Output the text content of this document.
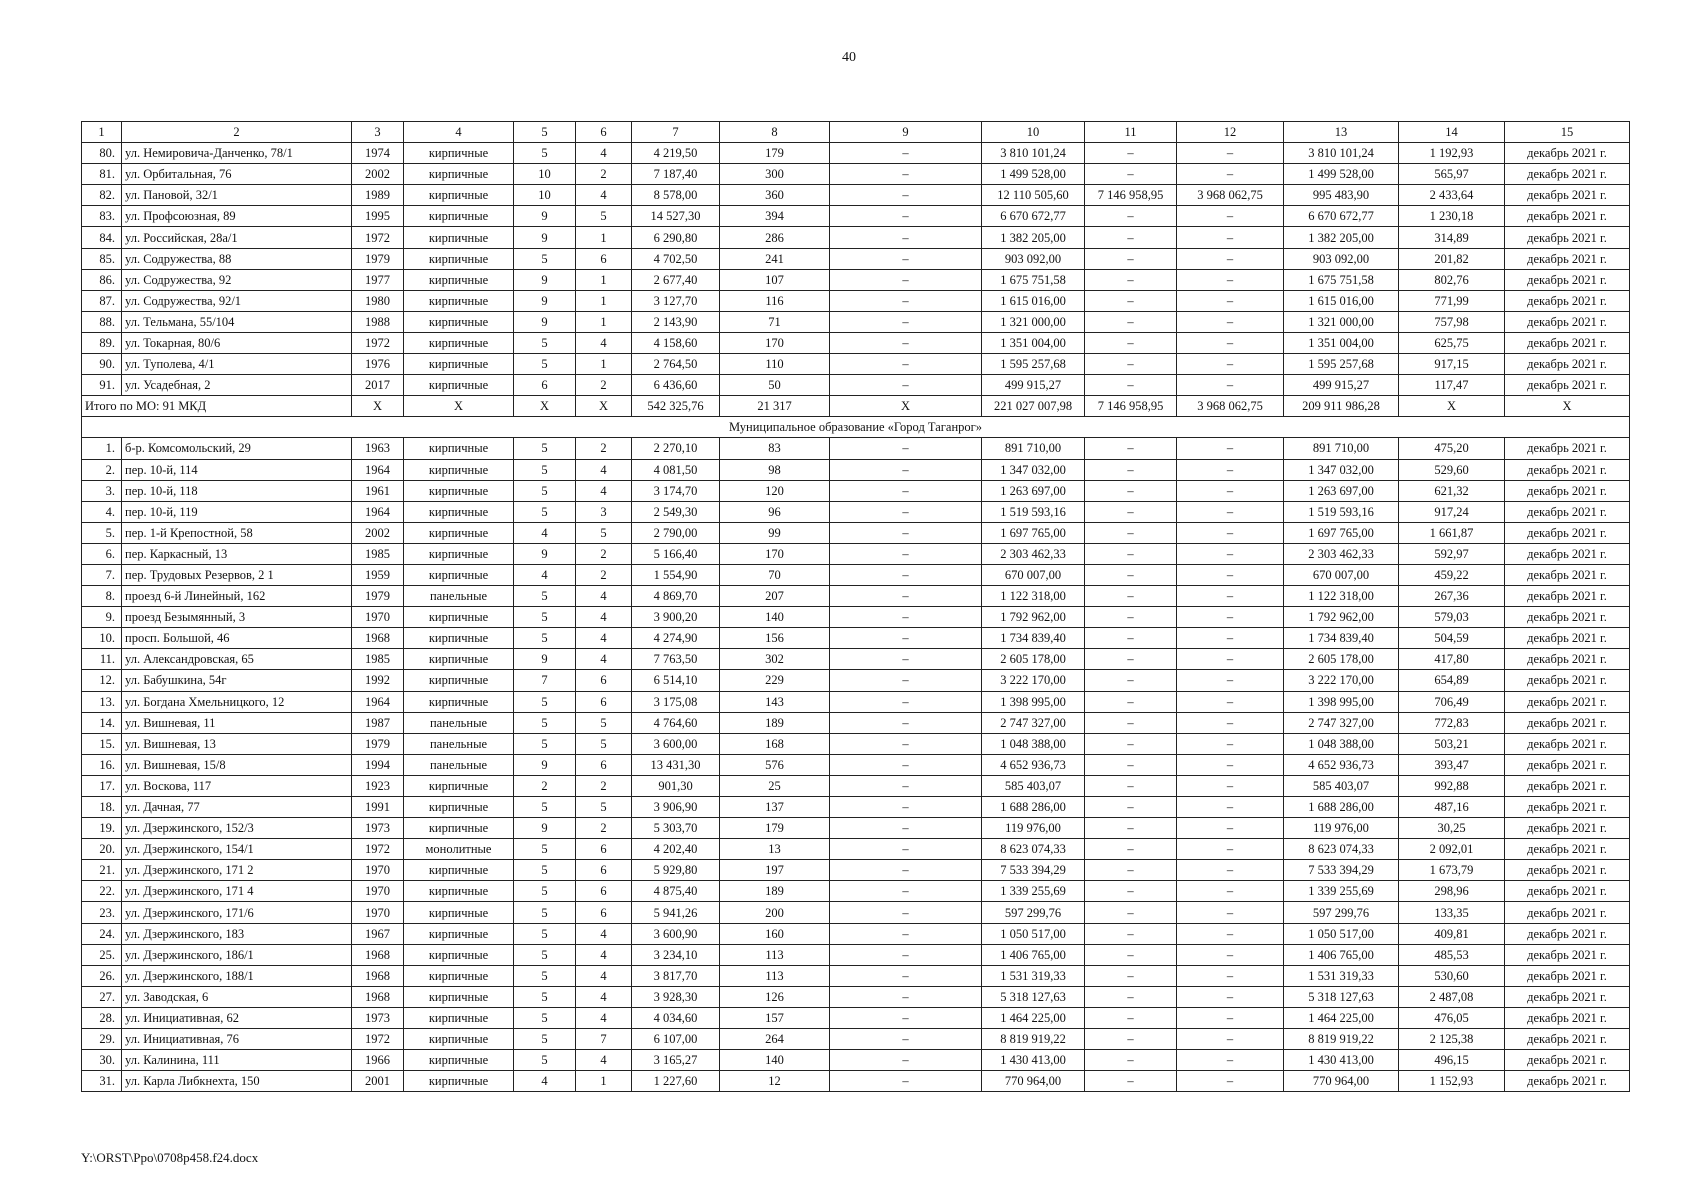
40
1	2	3	4	5	6	7	8	9	10	11	12	13	14	15
80.	ул. Немировича-Данченко, 78/1	1974	кирпичные	5	4	4 219,50	179	–	3 810 101,24	–	–	3 810 101,24	1 192,93	декабрь 2021 г.
81.	ул. Орбитальная, 76	2002	кирпичные	10	2	7 187,40	300	–	1 499 528,00	–	–	1 499 528,00	565,97	декабрь 2021 г.
82.	ул. Пановой, 32/1	1989	кирпичные	10	4	8 578,00	360	–	12 110 505,60	7 146 958,95	3 968 062,75	995 483,90	2 433,64	декабрь 2021 г.
83.	ул. Профсоюзная, 89	1995	кирпичные	9	5	14 527,30	394	–	6 670 672,77	–	–	6 670 672,77	1 230,18	декабрь 2021 г.
84.	ул. Российская, 28а/1	1972	кирпичные	9	1	6 290,80	286	–	1 382 205,00	–	–	1 382 205,00	314,89	декабрь 2021 г.
85.	ул. Содружества, 88	1979	кирпичные	5	6	4 702,50	241	–	903 092,00	–	–	903 092,00	201,82	декабрь 2021 г.
86.	ул. Содружества, 92	1977	кирпичные	9	1	2 677,40	107	–	1 675 751,58	–	–	1 675 751,58	802,76	декабрь 2021 г.
87.	ул. Содружества, 92/1	1980	кирпичные	9	1	3 127,70	116	–	1 615 016,00	–	–	1 615 016,00	771,99	декабрь 2021 г.
88.	ул. Тельмана, 55/104	1988	кирпичные	9	1	2 143,90	71	–	1 321 000,00	–	–	1 321 000,00	757,98	декабрь 2021 г.
89.	ул. Токарная, 80/6	1972	кирпичные	5	4	4 158,60	170	–	1 351 004,00	–	–	1 351 004,00	625,75	декабрь 2021 г.
90.	ул. Туполева, 4/1	1976	кирпичные	5	1	2 764,50	110	–	1 595 257,68	–	–	1 595 257,68	917,15	декабрь 2021 г.
91.	ул. Усадебная, 2	2017	кирпичные	6	2	6 436,60	50	–	499 915,27	–	–	499 915,27	117,47	декабрь 2021 г.
Итого по МО: 91 МКД		X	X	X	X	542 325,76	21 317	X	221 027 007,98	7 146 958,95	3 968 062,75	209 911 986,28	X	X
Муниципальное образование «Город Таганрог»														
1.	б-р. Комсомольский, 29	1963	кирпичные	5	2	2 270,10	83	–	891 710,00	–	–	891 710,00	475,20	декабрь 2021 г.
2.	пер. 10-й, 114	1964	кирпичные	5	4	4 081,50	98	–	1 347 032,00	–	–	1 347 032,00	529,60	декабрь 2021 г.
3.	пер. 10-й, 118	1961	кирпичные	5	4	3 174,70	120	–	1 263 697,00	–	–	1 263 697,00	621,32	декабрь 2021 г.
4.	пер. 10-й, 119	1964	кирпичные	5	3	2 549,30	96	–	1 519 593,16	–	–	1 519 593,16	917,24	декабрь 2021 г.
5.	пер. 1-й Крепостной, 58	2002	кирпичные	4	5	2 790,00	99	–	1 697 765,00	–	–	1 697 765,00	1 661,87	декабрь 2021 г.
6.	пер. Каркасный, 13	1985	кирпичные	9	2	5 166,40	170	–	2 303 462,33	–	–	2 303 462,33	592,97	декабрь 2021 г.
7.	пер. Трудовых Резервов, 2 1	1959	кирпичные	4	2	1 554,90	70	–	670 007,00	–	–	670 007,00	459,22	декабрь 2021 г.
8.	проезд 6-й Линейный, 162	1979	панельные	5	4	4 869,70	207	–	1 122 318,00	–	–	1 122 318,00	267,36	декабрь 2021 г.
9.	проезд Безымянный, 3	1970	кирпичные	5	4	3 900,20	140	–	1 792 962,00	–	–	1 792 962,00	579,03	декабрь 2021 г.
10.	просп. Большой, 46	1968	кирпичные	5	4	4 274,90	156	–	1 734 839,40	–	–	1 734 839,40	504,59	декабрь 2021 г.
11.	ул. Александровская, 65	1985	кирпичные	9	4	7 763,50	302	–	2 605 178,00	–	–	2 605 178,00	417,80	декабрь 2021 г.
12.	ул. Бабушкина, 54г	1992	кирпичные	7	6	6 514,10	229	–	3 222 170,00	–	–	3 222 170,00	654,89	декабрь 2021 г.
13.	ул. Богдана Хмельницкого, 12	1964	кирпичные	5	6	3 175,08	143	–	1 398 995,00	–	–	1 398 995,00	706,49	декабрь 2021 г.
14.	ул. Вишневая, 11	1987	панельные	5	5	4 764,60	189	–	2 747 327,00	–	–	2 747 327,00	772,83	декабрь 2021 г.
15.	ул. Вишневая, 13	1979	панельные	5	5	3 600,00	168	–	1 048 388,00	–	–	1 048 388,00	503,21	декабрь 2021 г.
16.	ул. Вишневая, 15/8	1994	панельные	9	6	13 431,30	576	–	4 652 936,73	–	–	4 652 936,73	393,47	декабрь 2021 г.
17.	ул. Воскова, 117	1923	кирпичные	2	2	901,30	25	–	585 403,07	–	–	585 403,07	992,88	декабрь 2021 г.
18.	ул. Дачная, 77	1991	кирпичные	5	5	3 906,90	137	–	1 688 286,00	–	–	1 688 286,00	487,16	декабрь 2021 г.
19.	ул. Дзержинского, 152/3	1973	кирпичные	9	2	5 303,70	179	–	119 976,00	–	–	119 976,00	30,25	декабрь 2021 г.
20.	ул. Дзержинского, 154/1	1972	монолитные	5	6	4 202,40	13	–	8 623 074,33	–	–	8 623 074,33	2 092,01	декабрь 2021 г.
21.	ул. Дзержинского, 171 2	1970	кирпичные	5	6	5 929,80	197	–	7 533 394,29	–	–	7 533 394,29	1 673,79	декабрь 2021 г.
22.	ул. Дзержинского, 171 4	1970	кирпичные	5	6	4 875,40	189	–	1 339 255,69	–	–	1 339 255,69	298,96	декабрь 2021 г.
23.	ул. Дзержинского, 171/6	1970	кирпичные	5	6	5 941,26	200	–	597 299,76	–	–	597 299,76	133,35	декабрь 2021 г.
24.	ул. Дзержинского, 183	1967	кирпичные	5	4	3 600,90	160	–	1 050 517,00	–	–	1 050 517,00	409,81	декабрь 2021 г.
25.	ул. Дзержинского, 186/1	1968	кирпичные	5	4	3 234,10	113	–	1 406 765,00	–	–	1 406 765,00	485,53	декабрь 2021 г.
26.	ул. Дзержинского, 188/1	1968	кирпичные	5	4	3 817,70	113	–	1 531 319,33	–	–	1 531 319,33	530,60	декабрь 2021 г.
27.	ул. Заводская, 6	1968	кирпичные	5	4	3 928,30	126	–	5 318 127,63	–	–	5 318 127,63	2 487,08	декабрь 2021 г.
28.	ул. Инициативная, 62	1973	кирпичные	5	4	4 034,60	157	–	1 464 225,00	–	–	1 464 225,00	476,05	декабрь 2021 г.
29.	ул. Инициативная, 76	1972	кирпичные	5	7	6 107,00	264	–	8 819 919,22	–	–	8 819 919,22	2 125,38	декабрь 2021 г.
30.	ул. Калинина, 111	1966	кирпичные	5	4	3 165,27	140	–	1 430 413,00	–	–	1 430 413,00	496,15	декабрь 2021 г.
31.	ул. Карла Либкнехта, 150	2001	кирпичные	4	1	1 227,60	12	–	770 964,00	–	–	770 964,00	1 152,93	декабрь 2021 г.
Y:\ORST\Ppo\0708p458.f24.docx
